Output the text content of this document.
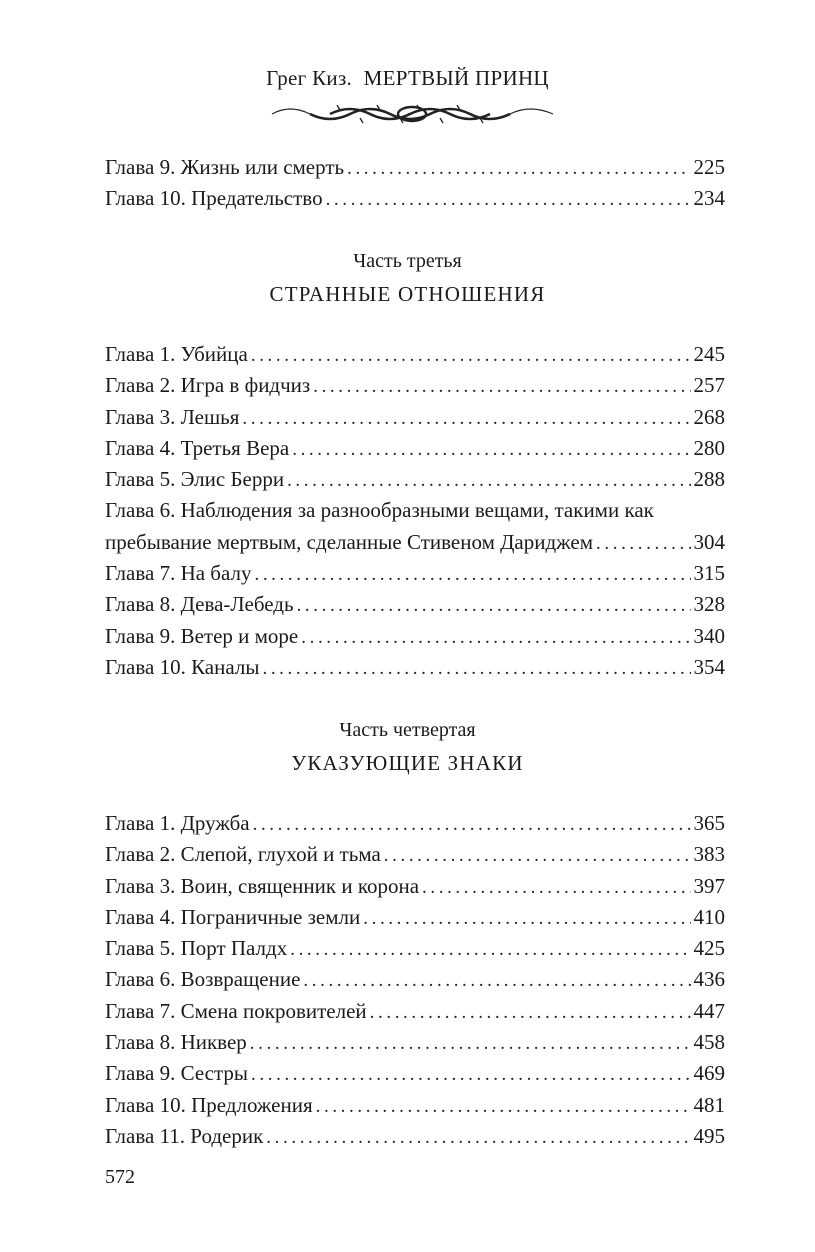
Грег Киз. МЕРТВЫЙ ПРИНЦ
Глава 9. Жизнь или смерть .....	225
Глава 10. Предательство .....	234
Часть третья
СТРАННЫЕ ОТНОШЕНИЯ
Глава 1. Убийца .....	245
Глава 2. Игра в фидчиз .....	257
Глава 3. Лешья .....	268
Глава 4. Третья Вера .....	280
Глава 5. Элис Берри .....	288
Глава 6. Наблюдения за разнообразными вещами, такими как
пребывание мертвым, сделанные Стивеном Дариджем .....	304
Глава 7. На балу .....	315
Глава 8. Дева-Лебедь .....	328
Глава 9. Ветер и море .....	340
Глава 10. Каналы .....	354
Часть четвертая
УКАЗУЮЩИЕ ЗНАКИ
Глава 1. Дружба .....	365
Глава 2. Слепой, глухой и тьма .....	383
Глава 3. Воин, священник и корона .....	397
Глава 4. Пограничные земли .....	410
Глава 5. Порт Палдх .....	425
Глава 6. Возвращение .....	436
Глава 7. Смена покровителей .....	447
Глава 8. Никвер .....	458
Глава 9. Сестры .....	469
Глава 10. Предложения .....	481
Глава 11. Родерик .....	495
572
